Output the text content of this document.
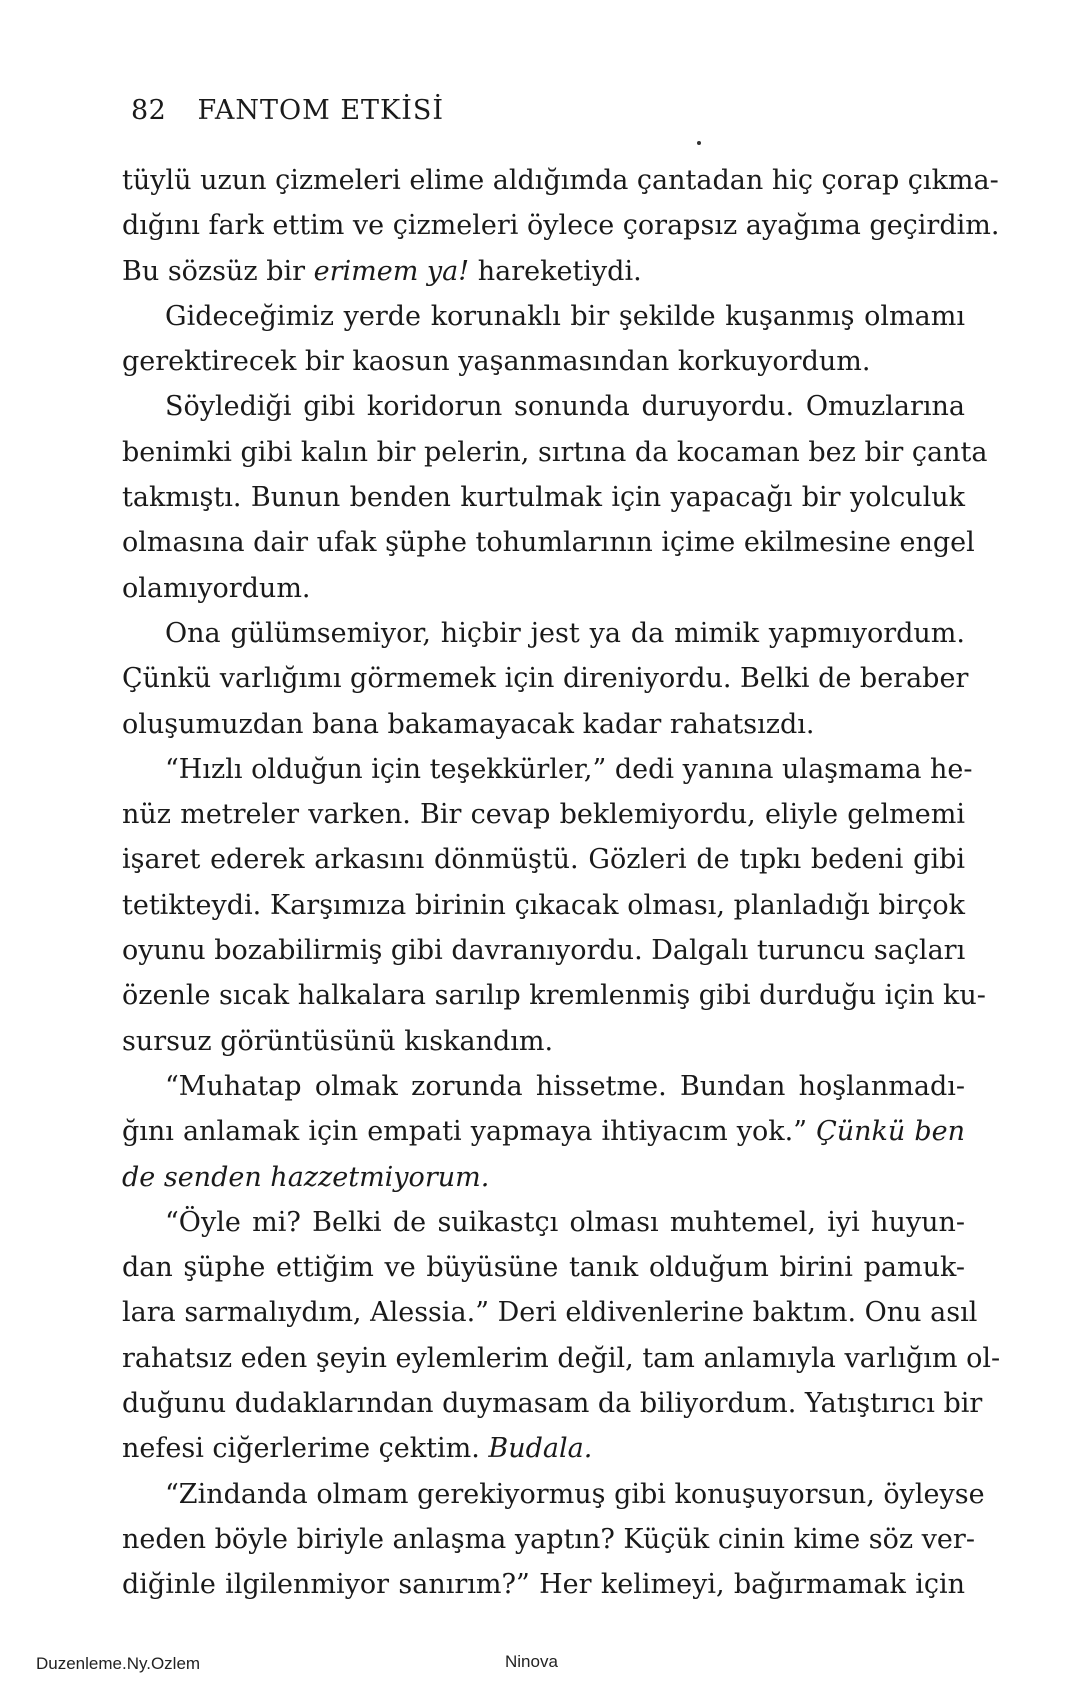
82 FANTOM ETKİSİ
tüylü uzun çizmeleri elime aldığımda çantadan hiç çorap çıkma-
dığını fark ettim ve çizmeleri öylece çorapsız ayağıma geçirdim.
Bu sözsüz bir erimem ya! hareketiydi.
Gideceğimiz yerde korunaklı bir şekilde kuşanmış olmamı
gerektirecek bir kaosun yaşanmasından korkuyordum.
Söylediği gibi koridorun sonunda duruyordu. Omuzlarına
benimki gibi kalın bir pelerin, sırtına da kocaman bez bir çanta
takmıştı. Bunun benden kurtulmak için yapacağı bir yolculuk
olmasına dair ufak şüphe tohumlarının içime ekilmesine engel
olamıyordum.
Ona gülümsemiyor, hiçbir jest ya da mimik yapmıyordum.
Çünkü varlığımı görmemek için direniyordu. Belki de beraber
oluşumuzdan bana bakamayacak kadar rahatsızdı.
“Hızlı olduğun için teşekkürler,” dedi yanına ulaşmama he-
nüz metreler varken. Bir cevap beklemiyordu, eliyle gelmemi
işaret ederek arkasını dönmüştü. Gözleri de tıpkı bedeni gibi
tetikteydi. Karşımıza birinin çıkacak olması, planladığı birçok
oyunu bozabilirmiş gibi davranıyordu. Dalgalı turuncu saçları
özenle sıcak halkalara sarılıp kremlenmiş gibi durduğu için ku-
sursuz görüntüsünü kıskandım.
“Muhatap olmak zorunda hissetme. Bundan hoşlanmadı-
ğını anlamak için empati yapmaya ihtiyacım yok.” Çünkü ben
de senden hazzetmiyorum.
“Öyle mi? Belki de suikastçı olması muhtemel, iyi huyun-
dan şüphe ettiğim ve büyüsüne tanık olduğum birini pamuk-
lara sarmalıydım, Alessia.” Deri eldivenlerine baktım. Onu asıl
rahatsız eden şeyin eylemlerim değil, tam anlamıyla varlığım ol-
duğunu dudaklarından duymasam da biliyordum. Yatıştırıcı bir
nefesi ciğerlerime çektim. Budala.
“Zindanda olmam gerekiyormuş gibi konuşuyorsun, öyleyse
neden böyle biriyle anlaşma yaptın? Küçük cinin kime söz ver-
diğinle ilgilenmiyor sanırım?” Her kelimeyi, bağırmamak için
Duzenleme.Ny.Ozlem	Ninova
